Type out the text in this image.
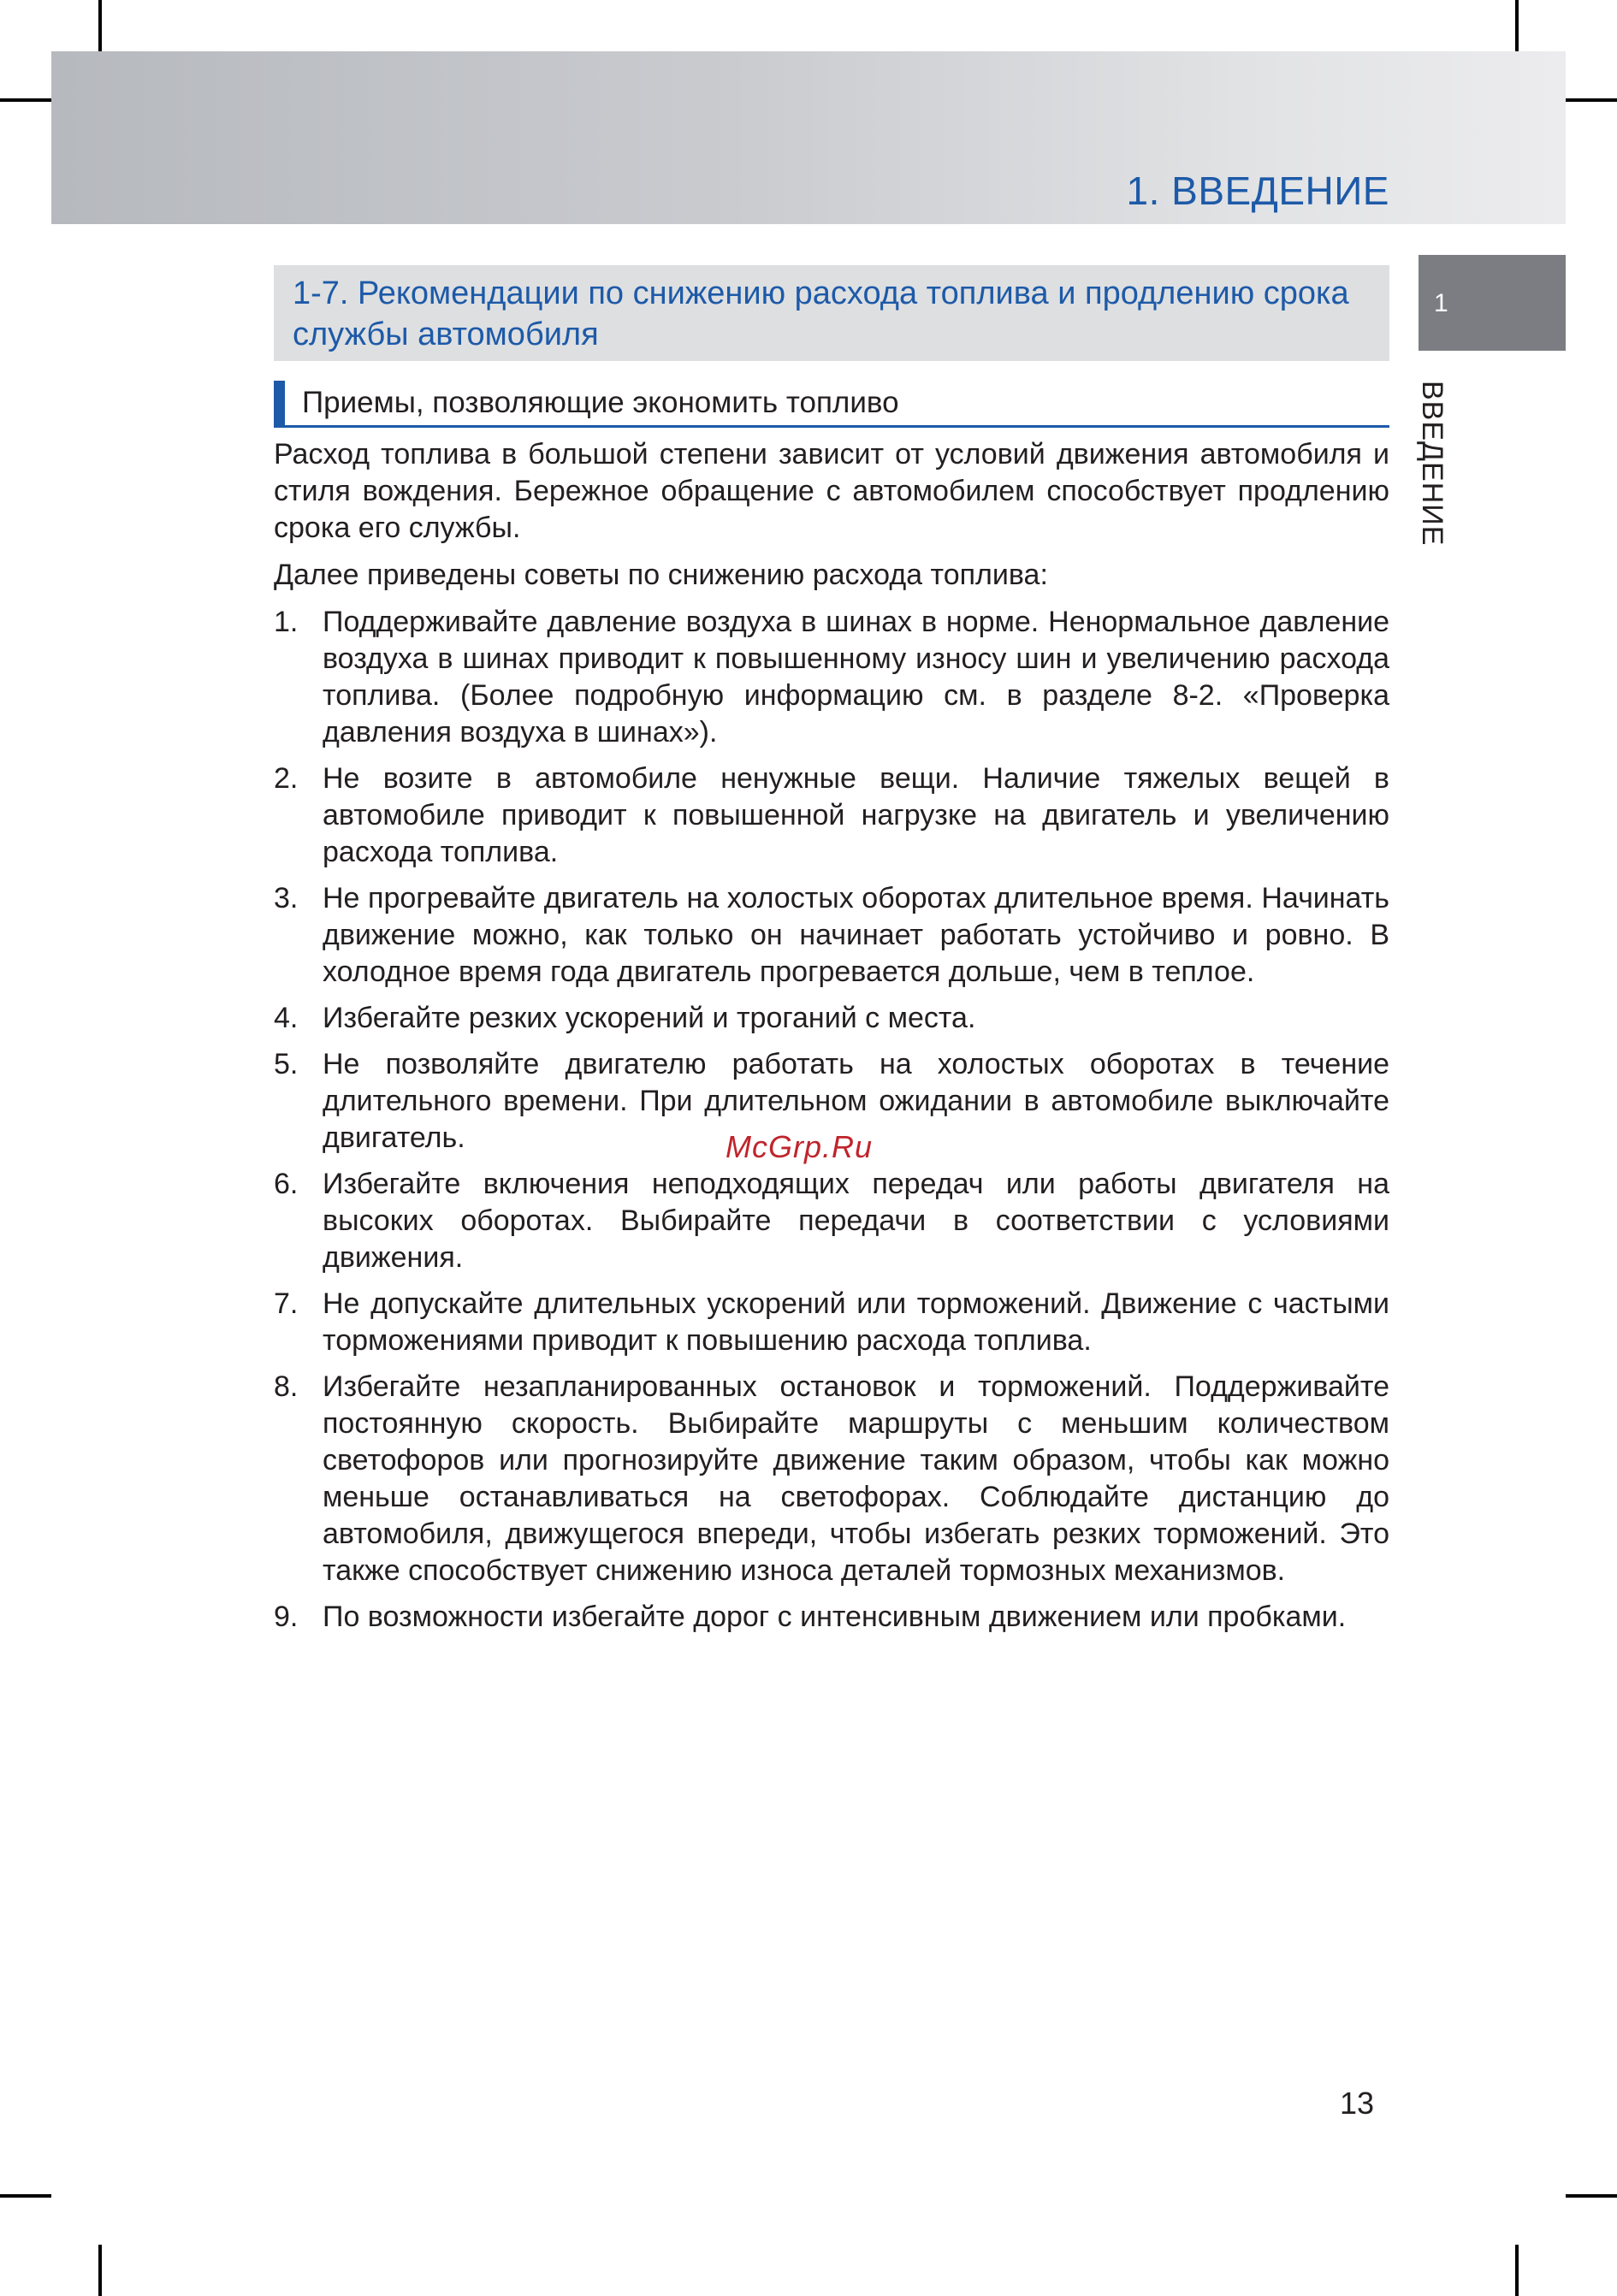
1. ВВЕДЕНИЕ
1
ВВЕДЕНИЕ
1-7. Рекомендации по снижению расхода топлива и продлению срока службы автомобиля
Приемы, позволяющие экономить топливо

Расход топлива в большой степени зависит от условий движения автомобиля и стиля вождения. Бережное обращение с автомобилем способствует продлению срока его службы.

Далее приведены советы по снижению расхода топлива:

1. Поддерживайте давление воздуха в шинах в норме. Ненормальное давление воздуха в шинах приводит к повышенному износу шин и увеличению расхода топлива. (Более подробную информацию см. в разделе 8-2. «Проверка давления воздуха в шинах»).
2. Не возите в автомобиле ненужные вещи. Наличие тяжелых вещей в автомобиле приводит к повышенной нагрузке на двигатель и увеличению расхода топлива.
3. Не прогревайте двигатель на холостых оборотах длительное время. Начинать движение можно, как только он начинает работать устойчиво и ровно. В холодное время года двигатель прогревается дольше, чем в теплое.
4. Избегайте резких ускорений и троганий с места.
5. Не позволяйте двигателю работать на холостых оборотах в течение длительного времени. При длительном ожидании в автомобиле выключайте двигатель.
6. Избегайте включения неподходящих передач или работы двигателя на высоких оборотах. Выбирайте передачи в соответствии с условиями движения.
7. Не допускайте длительных ускорений или торможений. Движение с частыми торможениями приводит к повышению расхода топлива.
8. Избегайте незапланированных остановок и торможений. Поддерживайте постоянную скорость. Выбирайте маршруты с меньшим количеством светофоров или прогнозируйте движение таким образом, чтобы как можно меньше останавливаться на светофорах. Соблюдайте дистанцию до автомобиля, движущегося впереди, чтобы избегать резких торможений. Это также способствует снижению износа деталей тормозных механизмов.
9. По возможности избегайте дорог с интенсивным движением или пробками.
McGrp.Ru
13
